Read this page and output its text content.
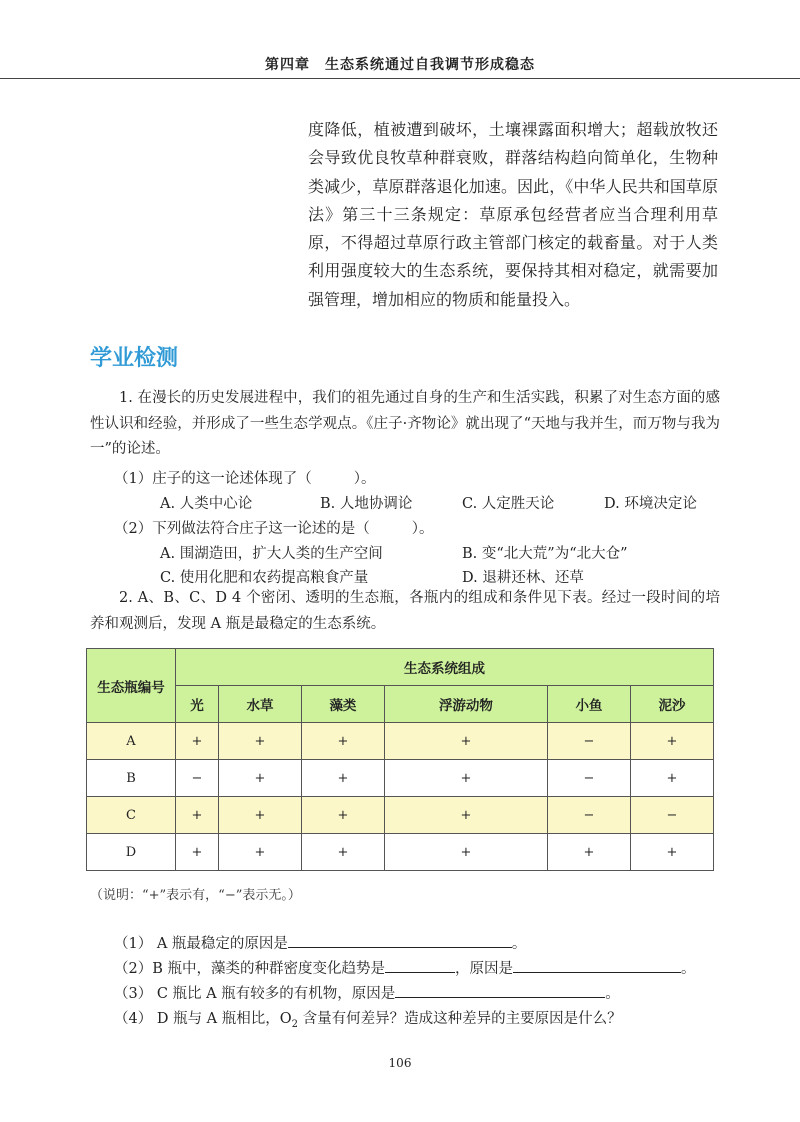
第四章　生态系统通过自我调节形成稳态
度降低，植被遭到破坏，土壤裸露面积增大；超载放牧还会导致优良牧草种群衰败，群落结构趋向简单化，生物种类减少，草原群落退化加速。因此，《中华人民共和国草原法》第三十三条规定：草原承包经营者应当合理利用草原，不得超过草原行政主管部门核定的载畜量。对于人类利用强度较大的生态系统，要保持其相对稳定，就需要加强管理，增加相应的物质和能量投入。
学业检测
1. 在漫长的历史发展进程中，我们的祖先通过自身的生产和生活实践，积累了对生态方面的感性认识和经验，并形成了一些生态学观点。《庄子·齐物论》就出现了“天地与我并生，而万物与我为一”的论述。
（1）庄子的这一论述体现了（	）。
A. 人类中心论	B. 人地协调论	C. 人定胜天论	D. 环境决定论
（2）下列做法符合庄子这一论述的是（	）。
A. 围湖造田，扩大人类的生产空间	B. 变“北大荒”为“北大仓”
C. 使用化肥和农药提高粮食产量	D. 退耕还林、还草
2. A、B、C、D 4 个密闭、透明的生态瓶，各瓶内的组成和条件见下表。经过一段时间的培养和观测后，发现 A 瓶是最稳定的生态系统。
生态瓶编号	生态系统组成					
	光	水草	藻类	浮游动物	小鱼	泥沙
A	+	+	+	+	−	+
B	−	+	+	+	−	+
C	+	+	+	+	−	−
D	+	+	+	+	+	+
（说明：“+”表示有，“−”表示无。）
（1） A 瓶最稳定的原因是	。
（2）B 瓶中，藻类的种群密度变化趋势是	，原因是	。
（3） C 瓶比 A 瓶有较多的有机物，原因是	。
（4） D 瓶与 A 瓶相比，$O_2$ 含量有何差异？造成这种差异的主要原因是什么？
106
